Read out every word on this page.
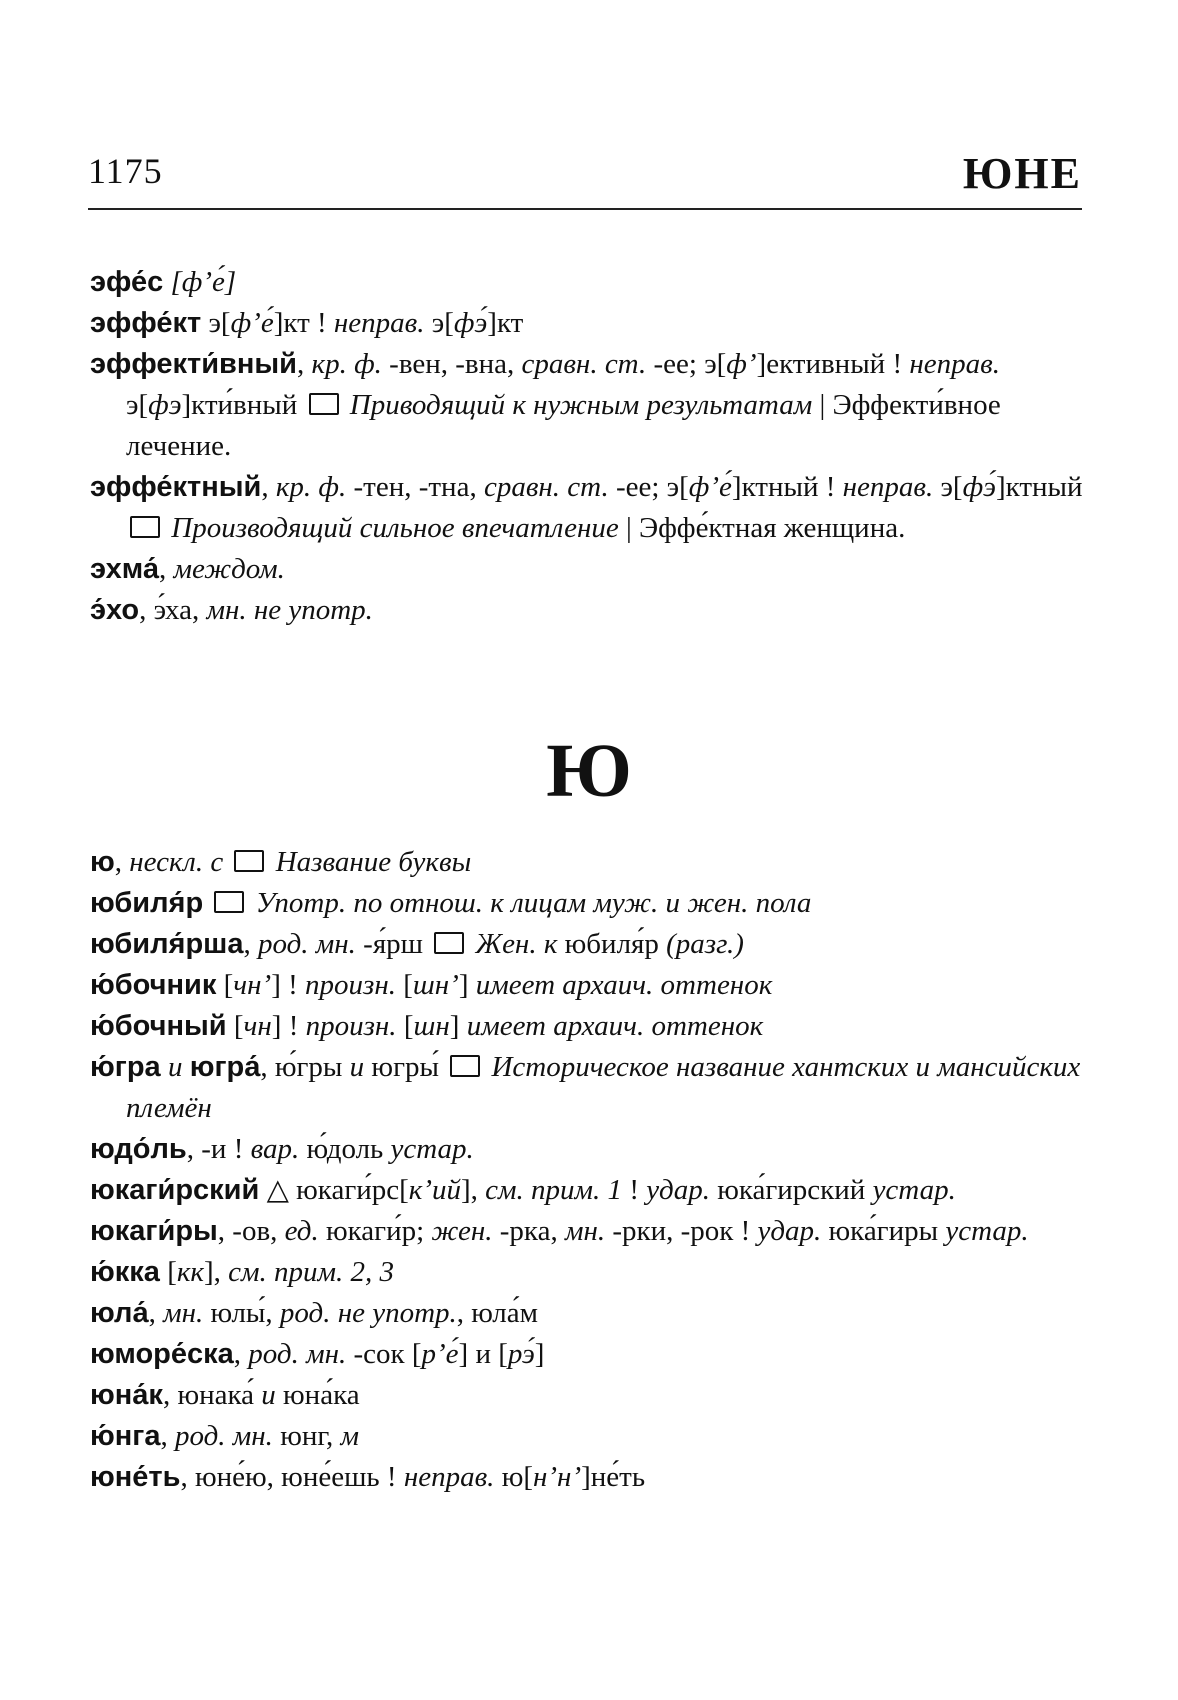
1175	ЮНЕ
эфе́с [ф’е́]
эффе́кт э[ф’е́]кт ! неправ. э[фэ́]кт
эффекти́вный, кр. ф. -вен, -вна, сравн. ст. -ее; э[ф’]ективный ! неправ. э[фэ]кти́вный  Приводящий к нужным результатам | Эффекти́вное лечение.
эффе́ктный, кр. ф. -тен, -тна, сравн. ст. -ее; э[ф’е́]ктный ! неправ. э[фэ́]ктный  Производящий сильное впечатление | Эффе́ктная женщина.
эхма́, междом.
э́хо, э́ха, мн. не употр.
Ю
ю, нескл. с  Название буквы
юбиля́р  Употр. по отнош. к лицам муж. и жен. пола
юбиля́рша, род. мн. -я́рш  Жен. к юбиля́р (разг.)
ю́бочник [чн’] ! произн. [шн’] имеет архаич. оттенок
ю́бочный [чн] ! произн. [шн] имеет архаич. оттенок
ю́гра и югра́, ю́гры и югры́  Историческое название хантских и мансийских племён
юдо́ль, -и ! вар. ю́доль устар.
юкаги́рский △ юкаги́рс[к’ий], см. прим. 1 ! удар. юка́гирский устар.
юкаги́ры, -ов, ед. юкаги́р; жен. -рка, мн. -рки, -рок ! удар. юка́гиры устар.
ю́кка [кк], см. прим. 2, 3
юла́, мн. юлы́, род. не употр., юла́м
юморе́ска, род. мн. -сок [р’е́] и [рэ́]
юна́к, юнака́ и юна́ка
ю́нга, род. мн. юнг, м
юне́ть, юне́ю, юне́ешь ! неправ. ю[н’н’]не́ть
